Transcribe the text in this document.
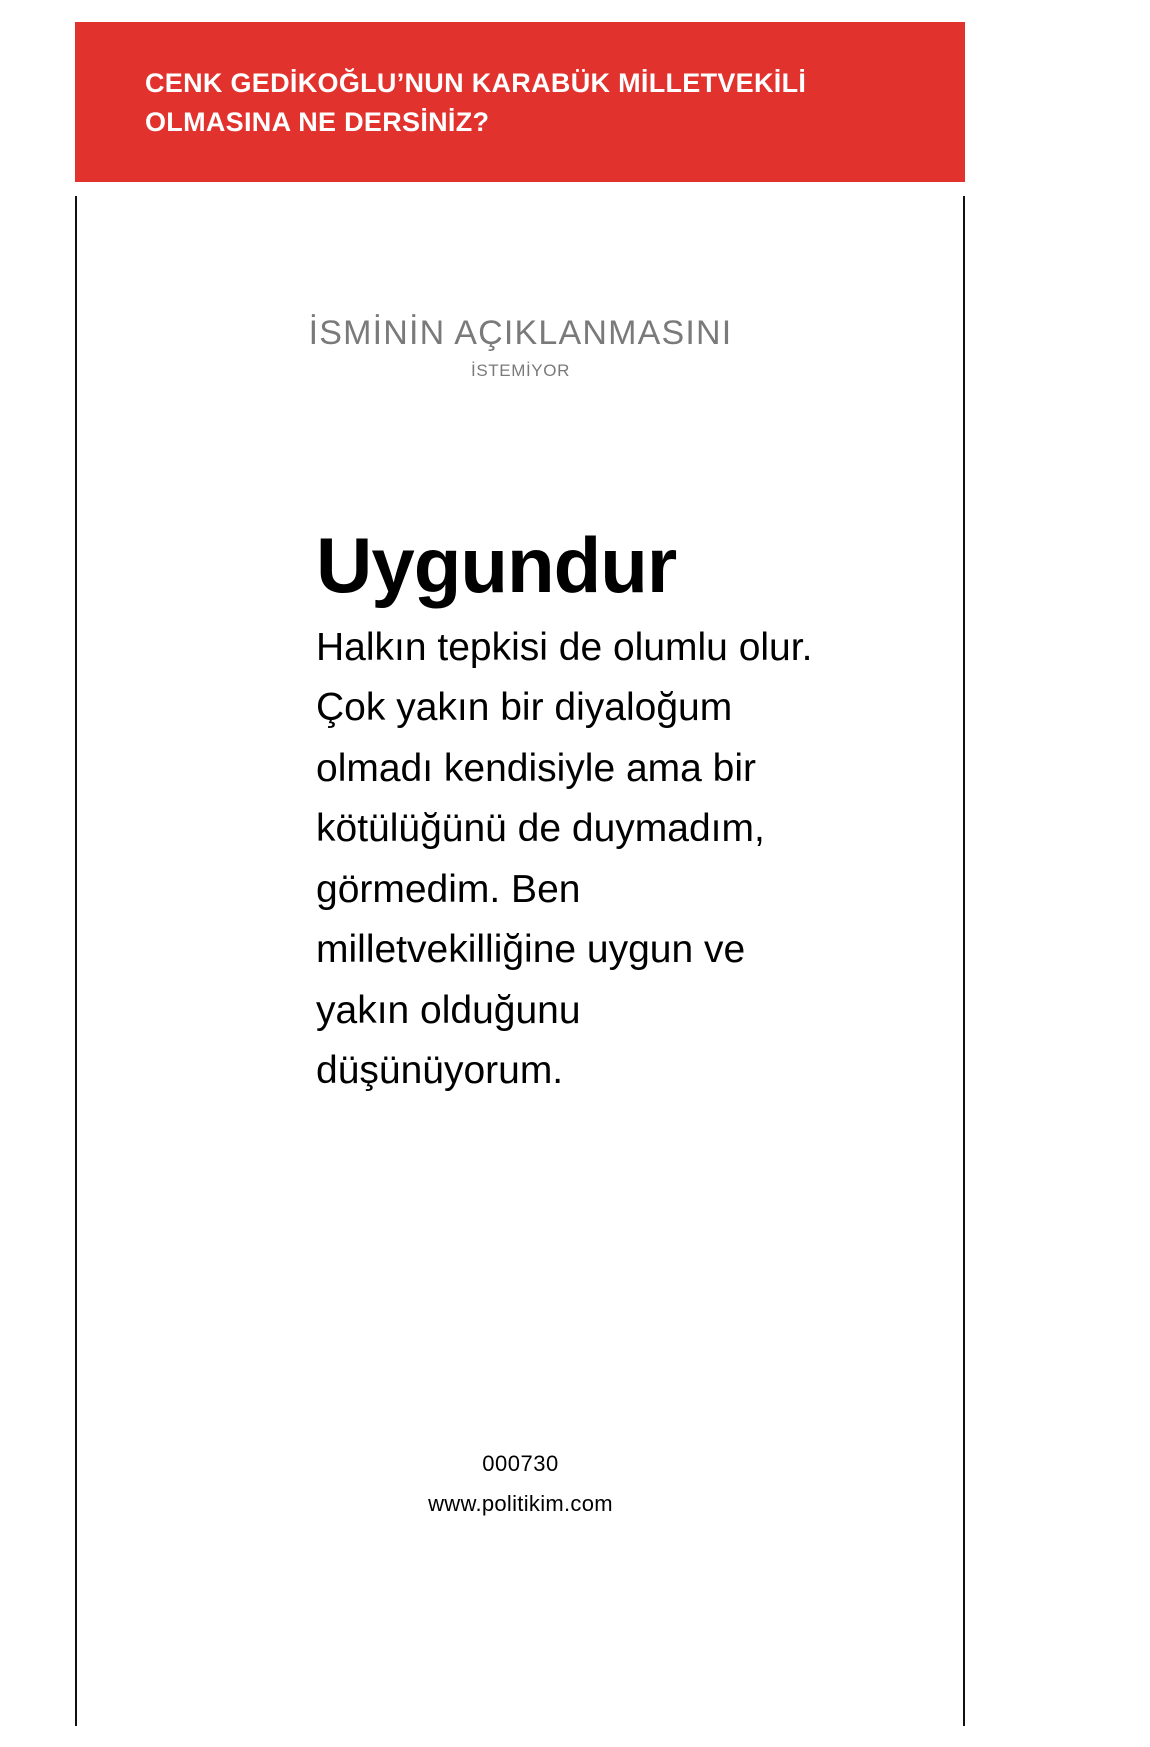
CENK GEDİKOĞLU’NUN KARABÜK MİLLETVEKİLİ OLMASINA NE DERSİNİZ?

İSMİNİN AÇIKLANMASINI

İSTEMİYOR

Uygundur

Halkın tepkisi de olumlu olur. Çok yakın bir diyaloğum olmadı kendisiyle ama bir kötülüğünü de duymadım, görmedim. Ben milletvekilliğine uygun ve yakın olduğunu düşünüyorum.

000730

www.politikim.com
